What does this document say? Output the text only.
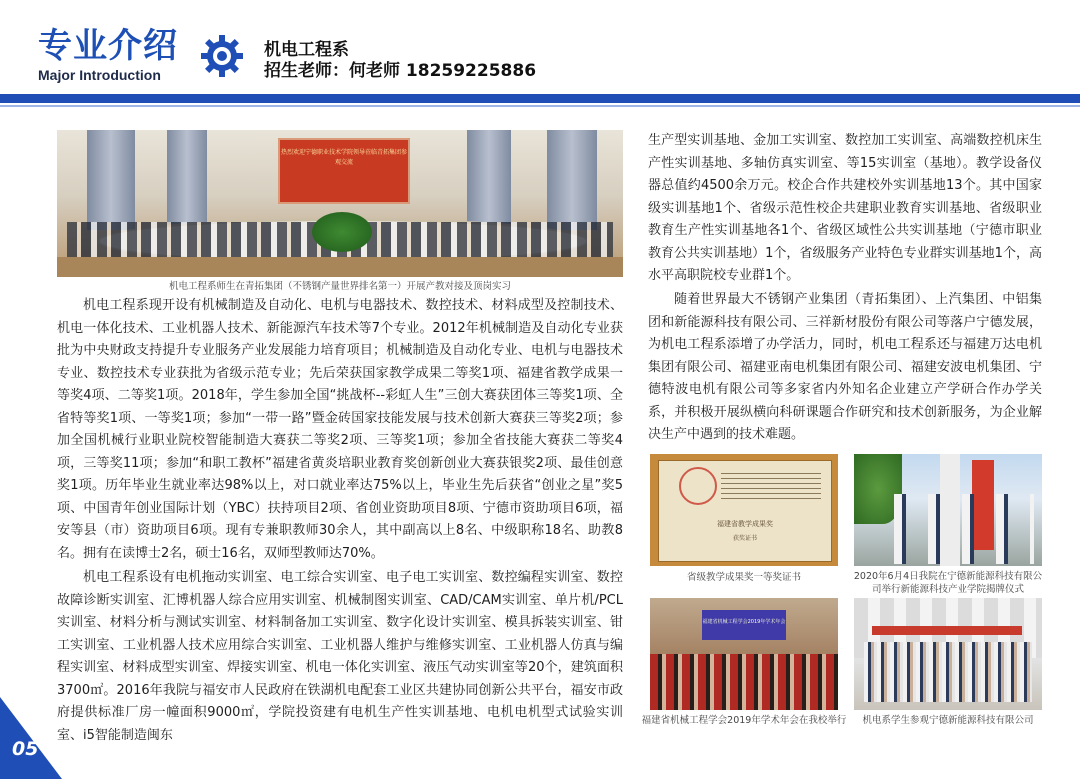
专业介绍
Major Introduction
机电工程系
招生老师：何老师 18259225886
热烈欢迎宁德职业技术学院领导莅临青拓集团参观交流
机电工程系师生在青拓集团（不锈钢产量世界排名第一）开展产教对接及顶岗实习

机电工程系现开设有机械制造及自动化、电机与电器技术、数控技术、材料成型及控制技术、机电一体化技术、工业机器人技术、新能源汽车技术等7个专业。2012年机械制造及自动化专业获批为中央财政支持提升专业服务产业发展能力培育项目；机械制造及自动化专业、电机与电器技术专业、数控技术专业获批为省级示范专业；先后荣获国家教学成果二等奖1项、福建省教学成果一等奖4项、二等奖1项。2018年，学生参加全国“挑战杯--彩虹人生”三创大赛获团体三等奖1项、全省特等奖1项、一等奖1项；参加“一带一路”暨金砖国家技能发展与技术创新大赛获三等奖2项；参加全国机械行业职业院校智能制造大赛获二等奖2项、三等奖1项；参加全省技能大赛获二等奖4项，三等奖11项；参加“和职工教杯”福建省黄炎培职业教育奖创新创业大赛获银奖2项、最佳创意奖1项。历年毕业生就业率达98%以上，对口就业率达75%以上，毕业生先后获省“创业之星”奖5项、中国青年创业国际计划（YBC）扶持项目2项、省创业资助项目8项、宁德市资助项目6项，福安等县（市）资助项目6项。现有专兼职教师30余人，其中副高以上8名、中级职称18名、助教8名。拥有在读博士2名，硕士16名，双师型教师达70%。

机电工程系设有电机拖动实训室、电工综合实训室、电子电工实训室、数控编程实训室、数控故障诊断实训室、汇博机器人综合应用实训室、机械制图实训室、CAD/CAM实训室、单片机/PCL实训室、材料分析与测试实训室、材料制备加工实训室、数字化设计实训室、模具拆装实训室、钳工实训室、工业机器人技术应用综合实训室、工业机器人维护与维修实训室、工业机器人仿真与编程实训室、材料成型实训室、焊接实训室、机电一体化实训室、液压气动实训室等20个，建筑面积3700㎡。2016年我院与福安市人民政府在铁湖机电配套工业区共建协同创新公共平台，福安市政府提供标准厂房一幢面积9000㎡，学院投资建有电机生产性实训基地、电机电机型式试验实训室、i5智能制造闽东

生产型实训基地、金加工实训室、数控加工实训室、高端数控机床生产性实训基地、多轴仿真实训室、等15实训室（基地）。教学设备仪器总值约4500余万元。校企合作共建校外实训基地13个。其中国家级实训基地1个、省级示范性校企共建职业教育实训基地、省级职业教育生产性实训基地各1个、省级区域性公共实训基地（宁德市职业教育公共实训基地）1个，省级服务产业特色专业群实训基地1个，高水平高职院校专业群1个。

随着世界最大不锈钢产业集团（青拓集团）、上汽集团、中铝集团和新能源科技有限公司、三祥新材股份有限公司等落户宁德发展，为机电工程系添增了办学活力，同时，机电工程系还与福建万达电机集团有限公司、福建亚南电机集团有限公司、福建安波电机集团、宁德特波电机有限公司等多家省内外知名企业建立产学研合作办学关系，并积极开展纵横向科研课题合作研究和技术创新服务，为企业解决生产中遇到的技术难题。

福建省教学成果奖
获奖证书
省级教学成果奖一等奖证书	2020年6月4日我院在宁德新能源科技有限公司举行新能源科技产业学院揭牌仪式
福建省机械工程学会2019年学术年会
福建省机械工程学会2019年学术年会在我校举行	机电系学生参观宁德新能源科技有限公司
05
